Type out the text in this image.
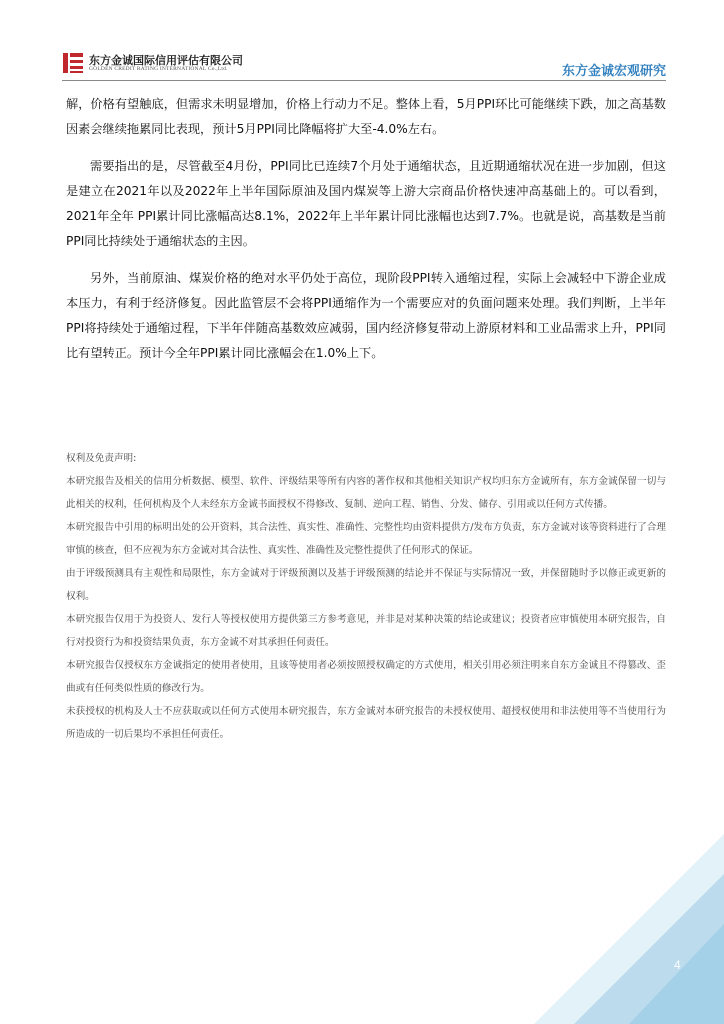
东方金诚国际信用评估有限公司
GOLDEN CREDIT RATING INTERNATIONAL Co.,Ltd.	东方金诚宏观研究

解，价格有望触底，但需求未明显增加，价格上行动力不足。整体上看，5月PPI环比可能继续下跌，加之高基数因素会继续拖累同比表现，预计5月PPI同比降幅将扩大至-4.0%左右。

需要指出的是，尽管截至4月份，PPI同比已连续7个月处于通缩状态，且近期通缩状况在进一步加剧，但这是建立在2021年以及2022年上半年国际原油及国内煤炭等上游大宗商品价格快速冲高基础上的。可以看到，2021年全年 PPI累计同比涨幅高达8.1%，2022年上半年累计同比涨幅也达到7.7%。也就是说，高基数是当前PPI同比持续处于通缩状态的主因。

另外，当前原油、煤炭价格的绝对水平仍处于高位，现阶段PPI转入通缩过程，实际上会减轻中下游企业成本压力，有利于经济修复。因此监管层不会将PPI通缩作为一个需要应对的负面问题来处理。我们判断，上半年PPI将持续处于通缩过程，下半年伴随高基数效应减弱，国内经济修复带动上游原材料和工业品需求上升，PPI同比有望转正。预计今全年PPI累计同比涨幅会在1.0%上下。

权利及免责声明:

本研究报告及相关的信用分析数据、模型、软件、评级结果等所有内容的著作权和其他相关知识产权均归东方金诚所有，东方金诚保留一切与此相关的权利，任何机构及个人未经东方金诚书面授权不得修改、复制、逆向工程、销售、分发、储存、引用或以任何方式传播。

本研究报告中引用的标明出处的公开资料，其合法性、真实性、准确性、完整性均由资料提供方/发布方负责，东方金诚对该等资料进行了合理审慎的核查，但不应视为东方金诚对其合法性、真实性、准确性及完整性提供了任何形式的保证。

由于评级预测具有主观性和局限性，东方金诚对于评级预测以及基于评级预测的结论并不保证与实际情况一致，并保留随时予以修正或更新的权利。

本研究报告仅用于为投资人、发行人等授权使用方提供第三方参考意见，并非是对某种决策的结论或建议；投资者应审慎使用本研究报告，自行对投资行为和投资结果负责，东方金诚不对其承担任何责任。

本研究报告仅授权东方金诚指定的使用者使用，且该等使用者必须按照授权确定的方式使用，相关引用必须注明来自东方金诚且不得篡改、歪曲或有任何类似性质的修改行为。

未获授权的机构及人士不应获取或以任何方式使用本研究报告，东方金诚对本研究报告的未授权使用、超授权使用和非法使用等不当使用行为所造成的一切后果均不承担任何责任。

4
